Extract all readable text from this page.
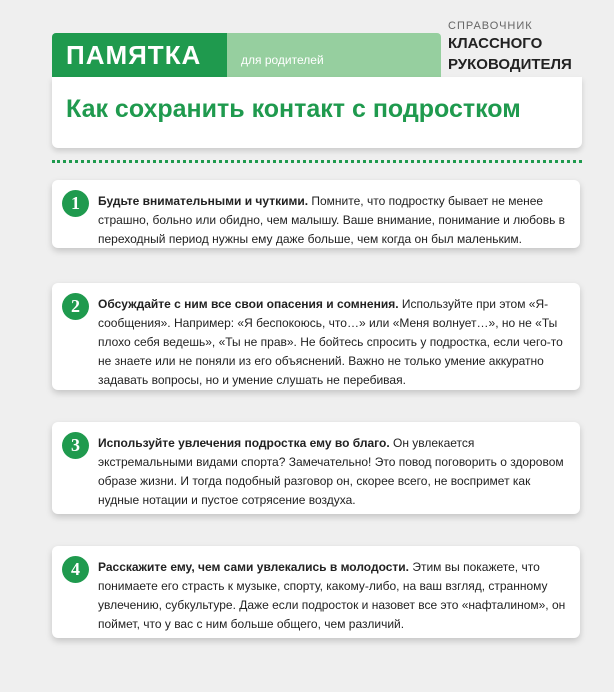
ПАМЯТКА	для родителей
СПРАВОЧНИК
КЛАССНОГО
РУКОВОДИТЕЛЯ
Как сохранить контакт с подростком
1	Будьте внимательными и чуткими. Помните, что подростку бывает не менее страшно, больно или обидно, чем малышу. Ваше внимание, понимание и любовь в переходный период нужны ему даже больше, чем когда он был маленьким.
2	Обсуждайте с ним все свои опасения и сомнения. Используйте при этом «Я-сообщения». Например: «Я беспокоюсь, что…» или «Меня волнует…», но не «Ты плохо себя ведешь», «Ты не прав». Не бойтесь спросить у подростка, если чего-то не знаете или не поняли из его объяснений. Важно не только умение аккуратно задавать вопросы, но и умение слушать не перебивая.
3	Используйте увлечения подростка ему во благо. Он увлекается экстремальными видами спорта? Замечательно! Это повод поговорить о здоровом образе жизни. И тогда подобный разговор он, скорее всего, не воспримет как нудные нотации и пустое сотрясение воздуха.
4	Расскажите ему, чем сами увлекались в молодости. Этим вы покажете, что понимаете его страсть к музыке, спорту, какому-либо, на ваш взгляд, странному увлечению, субкультуре. Даже если подросток и назовет все это «нафталином», он поймет, что у вас с ним больше общего, чем различий.
